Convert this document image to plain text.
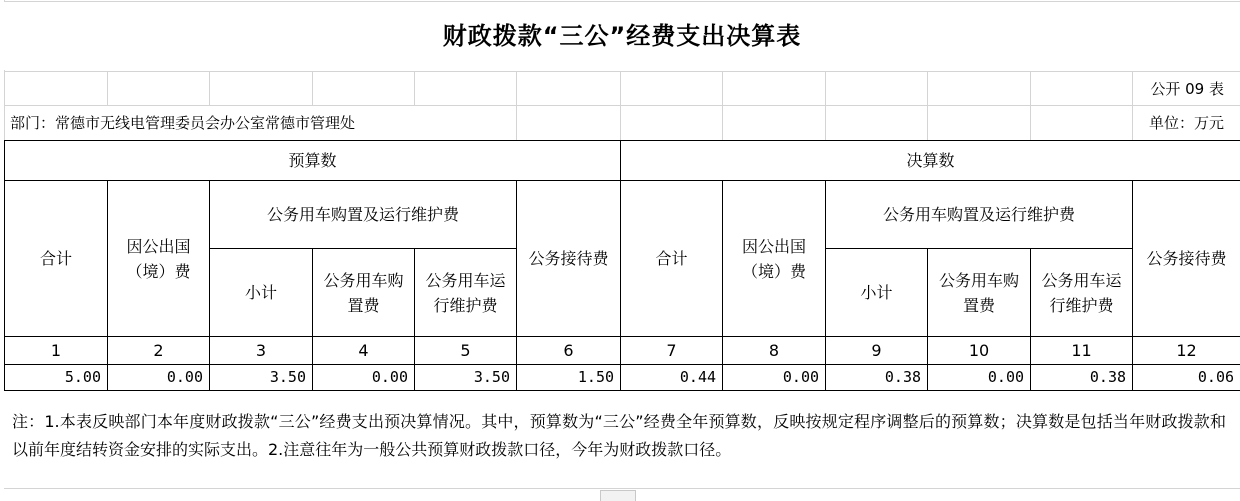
财政拨款“三公”经费支出决算表
公开 09 表
部门：常德市无线电管理委员会办公室常德市管理处	单位：万元
预算数						决算数					
合计	因公出国（境）费	公务用车购置及运行维护费			公务接待费	合计	因公出国（境）费	公务用车购置及运行维护费			公务接待费
		小计	公务用车购置费	公务用车运行维护费				小计	公务用车购置费	公务用车运行维护费	
1	2	3	4	5	6	7	8	9	10	11	12
5.00	0.00	3.50	0.00	3.50	1.50	0.44	0.00	0.38	0.00	0.38	0.06
注：1.本表反映部门本年度财政拨款“三公”经费支出预决算情况。其中，预算数为“三公”经费全年预算数，反映按规定程序调整后的预算数；决算数是包括当年财政拨款和以前年度结转资金安排的实际支出。2.注意往年为一般公共预算财政拨款口径，今年为财政拨款口径。
